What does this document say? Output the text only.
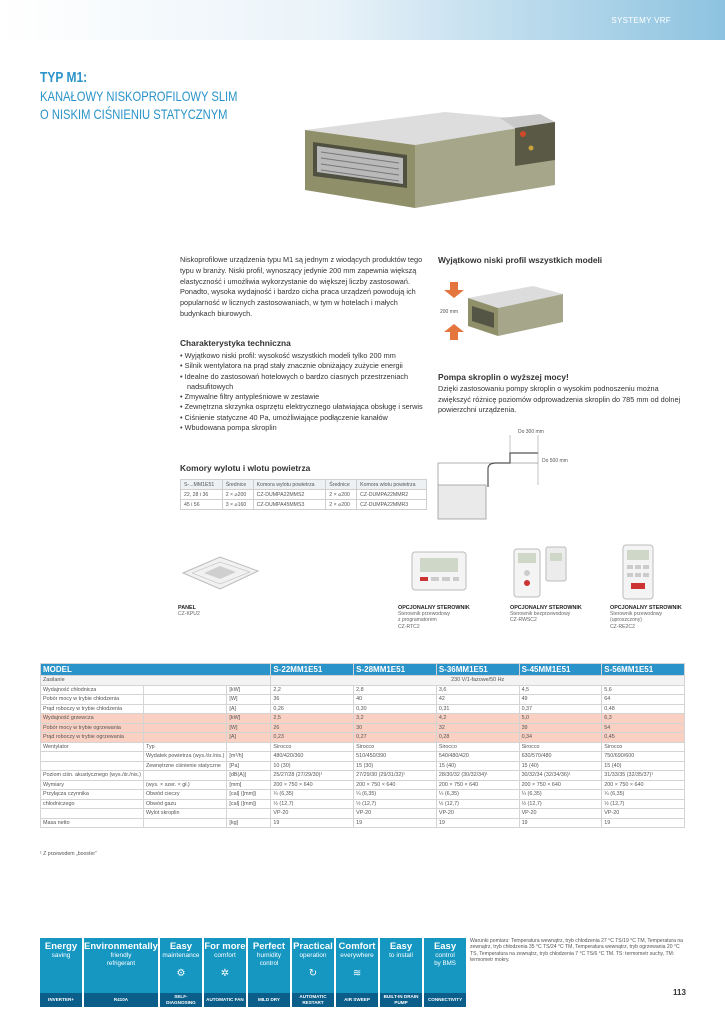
SYSTEMY VRF
TYP M1:
KANAŁOWY NISKOPROFILOWY SLIM
O NISKIM CIŚNIENIU STATYCZNYM
Niskoprofilowe urządzenia typu M1 są jednym z wiodących produktów tego typu w branży. Niski profil, wynoszący jedynie 200 mm zapewnia większą elastyczność i umożliwia wykorzystanie do większej liczby zastosowań. Ponadto, wysoka wydajność i bardzo cicha praca urządzeń powodują ich popularność w licznych zastosowaniach, w tym w hotelach i małych budynkach biurowych.
Charakterystyka techniczna
• Wyjątkowo niski profil: wysokość wszystkich modeli tylko 200 mm
• Silnik wentylatora na prąd stały znacznie obniżający zużycie energii
• Idealne do zastosowań hotelowych o bardzo ciasnych przestrzeniach nadsufitowych
• Zmywalne filtry antypleśniowe w zestawie
• Zewnętrzna skrzynka osprzętu elektrycznego ułatwiająca obsługę i serwis
• Ciśnienie statyczne 40 Pa, umożliwiające podłączenie kanałów
• Wbudowana pompa skroplin
Komory wylotu i wlotu powietrza
S-...MM1E51	Średnice	Komora wylotu powietrza	Średnice	Komora wlotu powietrza
22, 28 i 36	2 × ⌀200	CZ-DUMPA22MMS2	2 × ⌀200	CZ-DUMPA22MMR2
45 i 56	3 × ⌀160	CZ-DUMPA45MMS3	2 × ⌀200	CZ-DUMPA22MMR3
Wyjątkowo niski profil wszystkich modeli
200 mm
Pompa skroplin o wyższej mocy!
Dzięki zastosowaniu pompy skroplin o wysokim podnoszeniu można zwiększyć różnicę poziomów odprowadzenia skroplin do 785 mm od dolnej powierzchni urządzenia.
Do 300 mm
Do 500 mm
PANEL
CZ-KPU2
OPCJONALNY STEROWNIK
Sterownik przewodowy
z programatorem
CZ-RTC2
OPCJONALNY STEROWNIK
Sterownik bezprzewodowy
CZ-RWSC2
OPCJONALNY STEROWNIK
Sterownik przewodowy
(uproszczony)
CZ-RE2C2
MODEL			S-22MM1E51	S-28MM1E51	S-36MM1E51	S-45MM1E51	S-56MM1E51
Zasilanie			230 V/1-fazowe/50 Hz				
Wydajność chłodnicza		[kW]	2,2	2,8	3,6	4,5	5,6
Pobór mocy w trybie chłodzenia		[W]	36	40	42	49	64
Prąd roboczy w trybie chłodzenia		[A]	0,26	0,30	0,31	0,37	0,48
Wydajność grzewcza		[kW]	2,5	3,2	4,2	5,0	6,3
Pobór mocy w trybie ogrzewania		[W]	26	30	32	39	54
Prąd roboczy w trybie ogrzewania		[A]	0,23	0,27	0,28	0,34	0,45
Wentylator	Typ		Sirocco	Sirocco	Sirocco	Sirocco	Sirocco
	Wydatek powietrza (wys./śr./nis.)	[m³/h]	480/420/360	510/450/390	540/480/420	630/570/480	750/690/600
	Zewnętrzne ciśnienie statyczne	[Pa]	10 (30)	15 (30)	15 (40)	15 (40)	15 (40)
Poziom ciśn. akustycznego (wys./śr./nis.)		[dB(A)]	25/27/28 (27/29/30)¹	27/29/30 (29/31/32)¹	28/30/32 (30/32/34)¹	30/32/34 (32/34/36)¹	31/33/35 (32/35/37)¹
Wymiary	(wys. × szer. × gł.)	[mm]	200 × 750 × 640	200 × 750 × 640	200 × 750 × 640	200 × 750 × 640	200 × 750 × 640
Przyłącza czynnika	Obwód cieczy	[cal] ([mm])	¼ (6,35)	¼ (6,35)	¼ (6,35)	¼ (6,35)	¼ (6,35)
chłodniczego	Obwód gazu	[cal] ([mm])	½ (12,7)	½ (12,7)	½ (12,7)	½ (12,7)	½ (12,7)
	Wylot skroplin		VP-20	VP-20	VP-20	VP-20	VP-20
Masa netto		[kg]	19	19	19	19	19
¹ Z przewodem „booster”
Energy
saving
INVERTER+
Environmentally
friendly
refrigerant
R410A
Easy
maintenance
⚙
SELF-DIAGNOSING
For more
comfort
✲
AUTOMATIC FAN
Perfect
humidity
control
MILD DRY
Practical
operation
↻
AUTOMATIC RESTART
Comfort
everywhere
≋
AIR SWEEP
Easy
to install
BUILT-IN DRAIN PUMP
Easy
control
by BMS
CONNECTIVITY
Warunki pomiaru: Temperatura wewnątrz, tryb chłodzenia 27 °C TS/19 °C TM, Temperatura na zewnątrz, tryb chłodzenia 35 °C TS/24 °C TM, Temperatura wewnątrz, tryb ogrzewania 20 °C TS, Temperatura na zewnątrz, tryb chłodzenia 7 °C TS/6 °C TM. TS: termometr suchy, TM: termometr mokry.
113
